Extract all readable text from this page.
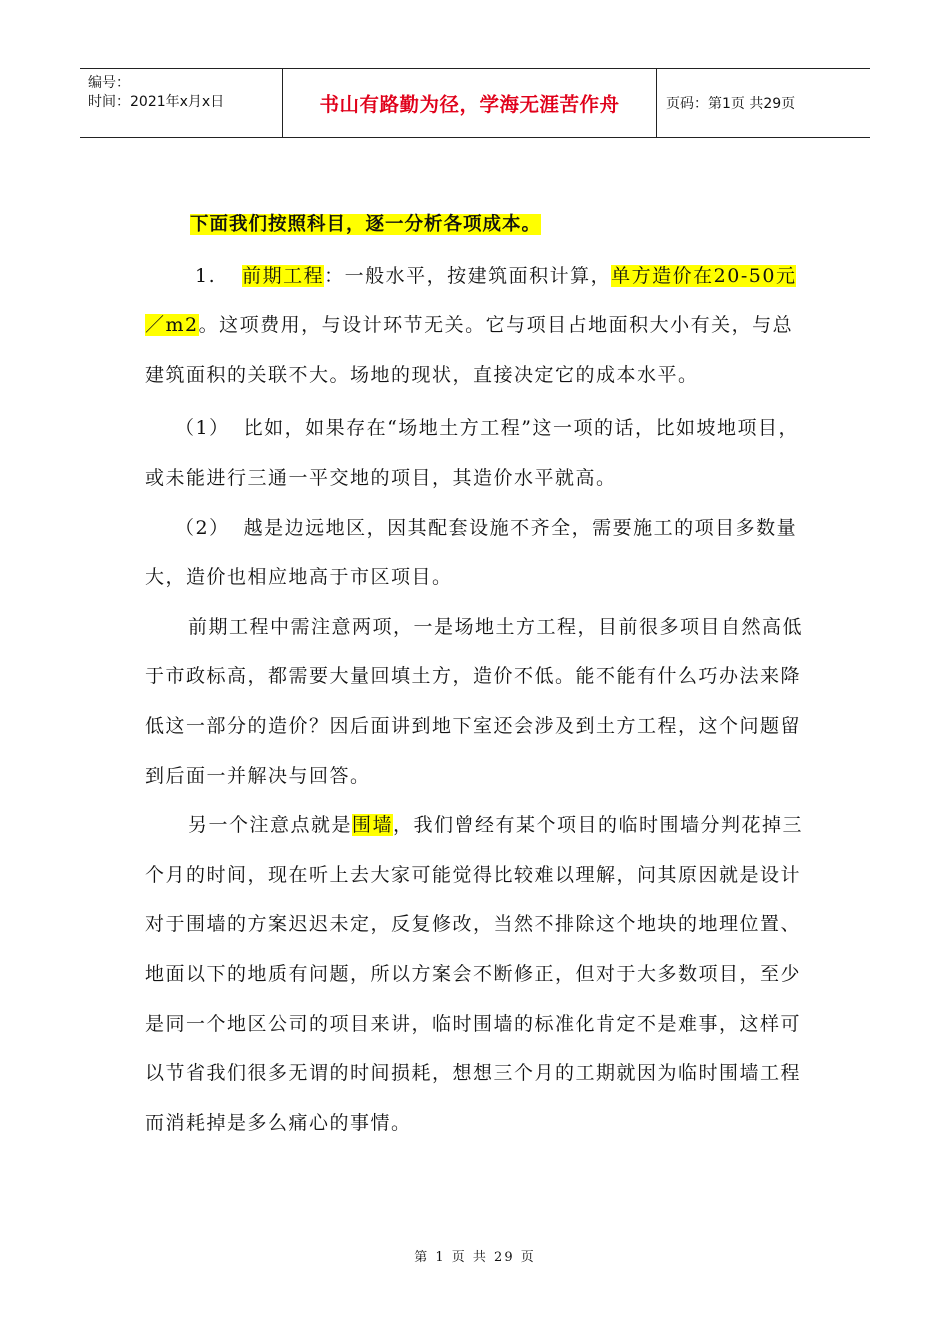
编号：
时间：2021年x月x日	书山有路勤为径，学海无涯苦作舟	页码：第1页 共29页

下面我们按照科目，逐一分析各项成本。

1. 前期工程：一般水平，按建筑面积计算，单方造价在20-50元／m2。这项费用，与设计环节无关。它与项目占地面积大小有关，与总建筑面积的关联不大。场地的现状，直接决定它的成本水平。

（1） 比如，如果存在“场地土方工程”这一项的话，比如坡地项目，或未能进行三通一平交地的项目，其造价水平就高。

（2） 越是边远地区，因其配套设施不齐全，需要施工的项目多数量大，造价也相应地高于市区项目。

前期工程中需注意两项，一是场地土方工程，目前很多项目自然高低于市政标高，都需要大量回填土方，造价不低。能不能有什么巧办法来降低这一部分的造价？因后面讲到地下室还会涉及到土方工程，这个问题留到后面一并解决与回答。

另一个注意点就是围墙，我们曾经有某个项目的临时围墙分判花掉三个月的时间，现在听上去大家可能觉得比较难以理解，问其原因就是设计对于围墙的方案迟迟未定，反复修改，当然不排除这个地块的地理位置、地面以下的地质有问题，所以方案会不断修正，但对于大多数项目，至少是同一个地区公司的项目来讲，临时围墙的标准化肯定不是难事，这样可以节省我们很多无谓的时间损耗，想想三个月的工期就因为临时围墙工程而消耗掉是多么痛心的事情。

第 1 页 共 29 页
